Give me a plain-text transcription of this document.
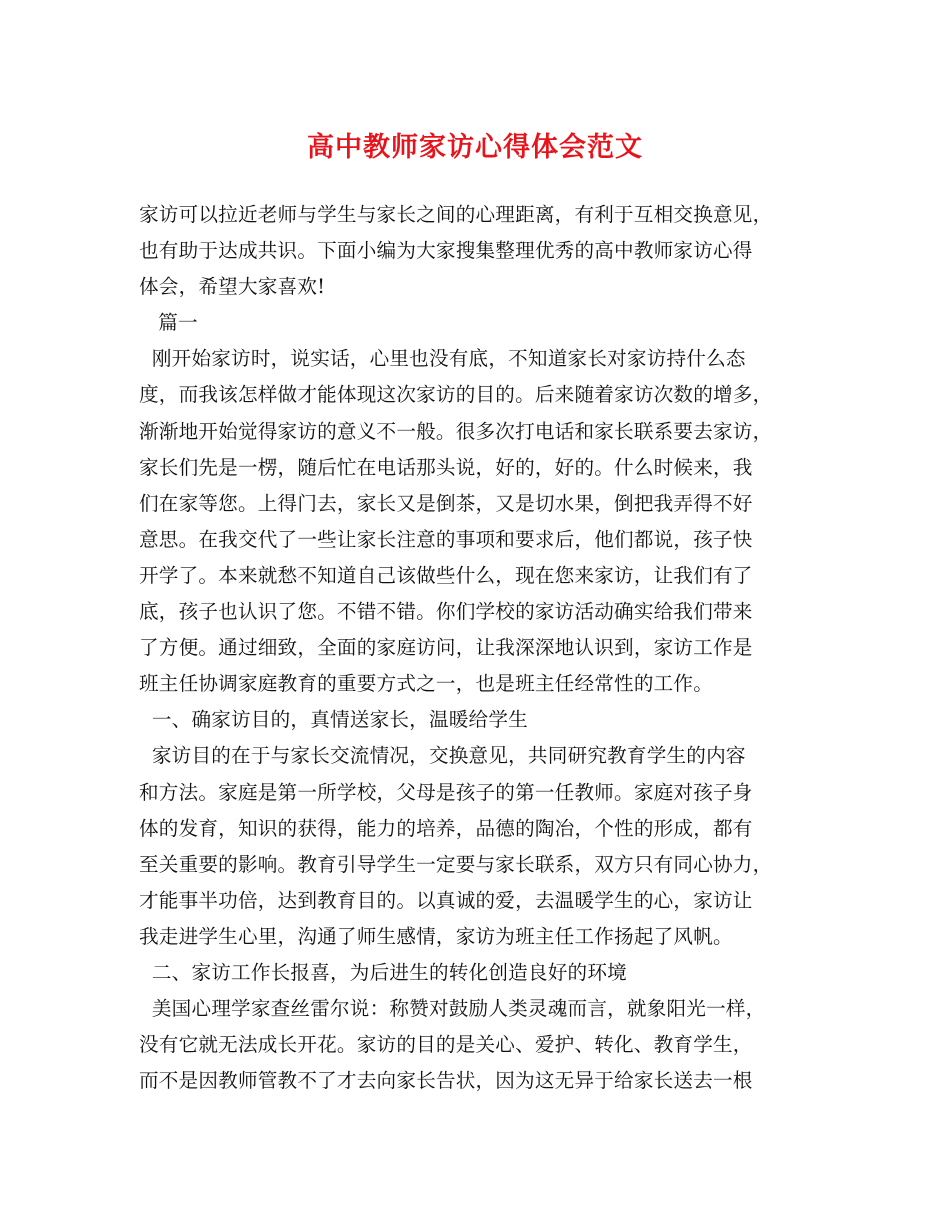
高中教师家访心得体会范文
家访可以拉近老师与学生与家长之间的心理距离，有利于互相交换意见，
也有助于达成共识。下面小编为大家搜集整理优秀的高中教师家访心得
体会，希望大家喜欢!
篇一
刚开始家访时，说实话，心里也没有底，不知道家长对家访持什么态
度，而我该怎样做才能体现这次家访的目的。后来随着家访次数的增多，
渐渐地开始觉得家访的意义不一般。很多次打电话和家长联系要去家访，
家长们先是一楞，随后忙在电话那头说，好的，好的。什么时候来，我
们在家等您。上得门去，家长又是倒茶，又是切水果，倒把我弄得不好
意思。在我交代了一些让家长注意的事项和要求后，他们都说，孩子快
开学了。本来就愁不知道自己该做些什么，现在您来家访，让我们有了
底，孩子也认识了您。不错不错。你们学校的家访活动确实给我们带来
了方便。通过细致，全面的家庭访问，让我深深地认识到，家访工作是
班主任协调家庭教育的重要方式之一，也是班主任经常性的工作。
一、确家访目的，真情送家长，温暖给学生
家访目的在于与家长交流情况，交换意见，共同研究教育学生的内容
和方法。家庭是第一所学校，父母是孩子的第一任教师。家庭对孩子身
体的发育，知识的获得，能力的培养，品德的陶冶，个性的形成，都有
至关重要的影响。教育引导学生一定要与家长联系，双方只有同心协力，
才能事半功倍，达到教育目的。以真诚的爱，去温暖学生的心，家访让
我走进学生心里，沟通了师生感情，家访为班主任工作扬起了风帆。
二、家访工作长报喜，为后进生的转化创造良好的环境
美国心理学家查丝雷尔说：称赞对鼓励人类灵魂而言，就象阳光一样，
没有它就无法成长开花。家访的目的是关心、爱护、转化、教育学生，
而不是因教师管教不了才去向家长告状，因为这无异于给家长送去一根
